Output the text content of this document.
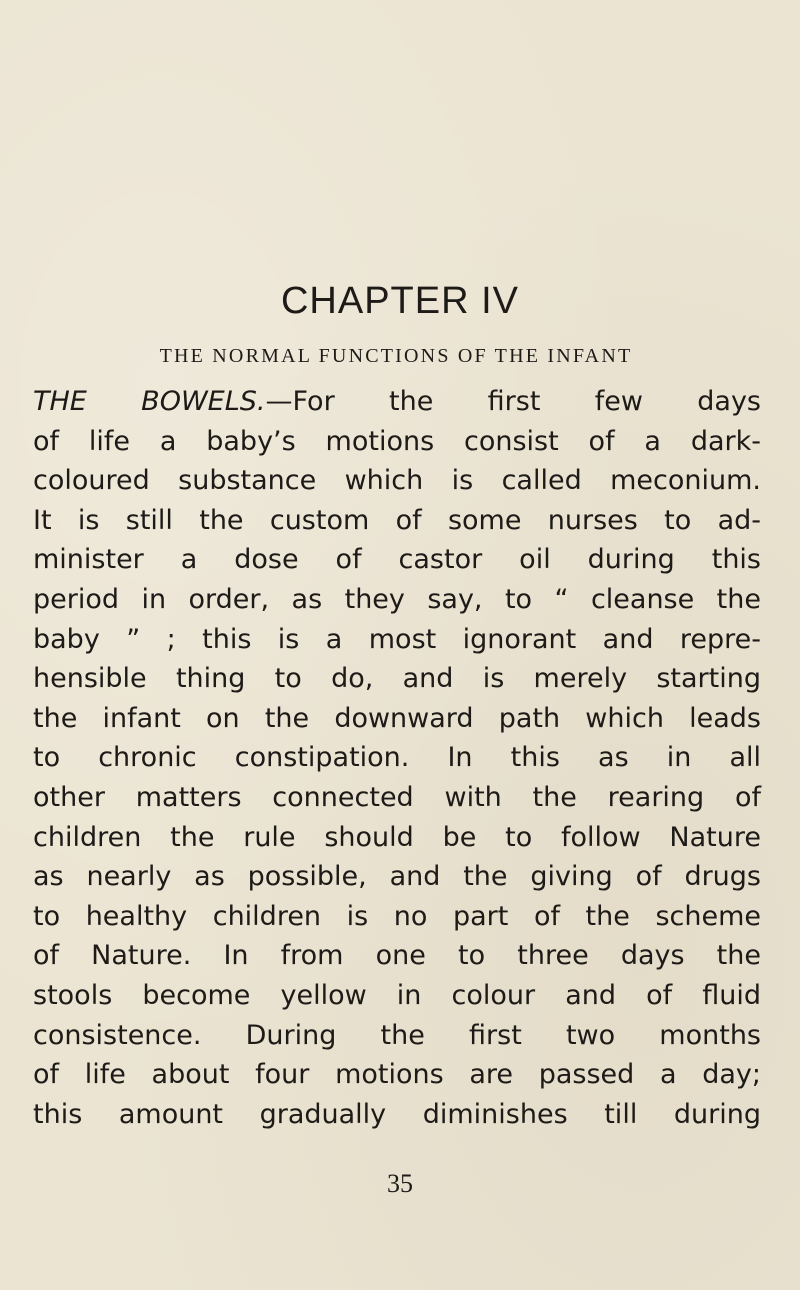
CHAPTER IV
THE NORMAL FUNCTIONS OF THE INFANT
THE BOWELS.—For the first few days
of life a baby’s motions consist of a dark-
coloured substance which is called meconium.
It is still the custom of some nurses to ad-
minister a dose of castor oil during this
period in order, as they say, to “ cleanse the
baby ” ; this is a most ignorant and repre-
hensible thing to do, and is merely starting
the infant on the downward path which leads
to chronic constipation. In this as in all
other matters connected with the rearing of
children the rule should be to follow Nature
as nearly as possible, and the giving of drugs
to healthy children is no part of the scheme
of Nature. In from one to three days the
stools become yellow in colour and of fluid
consistence. During the first two months
of life about four motions are passed a day;
this amount gradually diminishes till during
35
